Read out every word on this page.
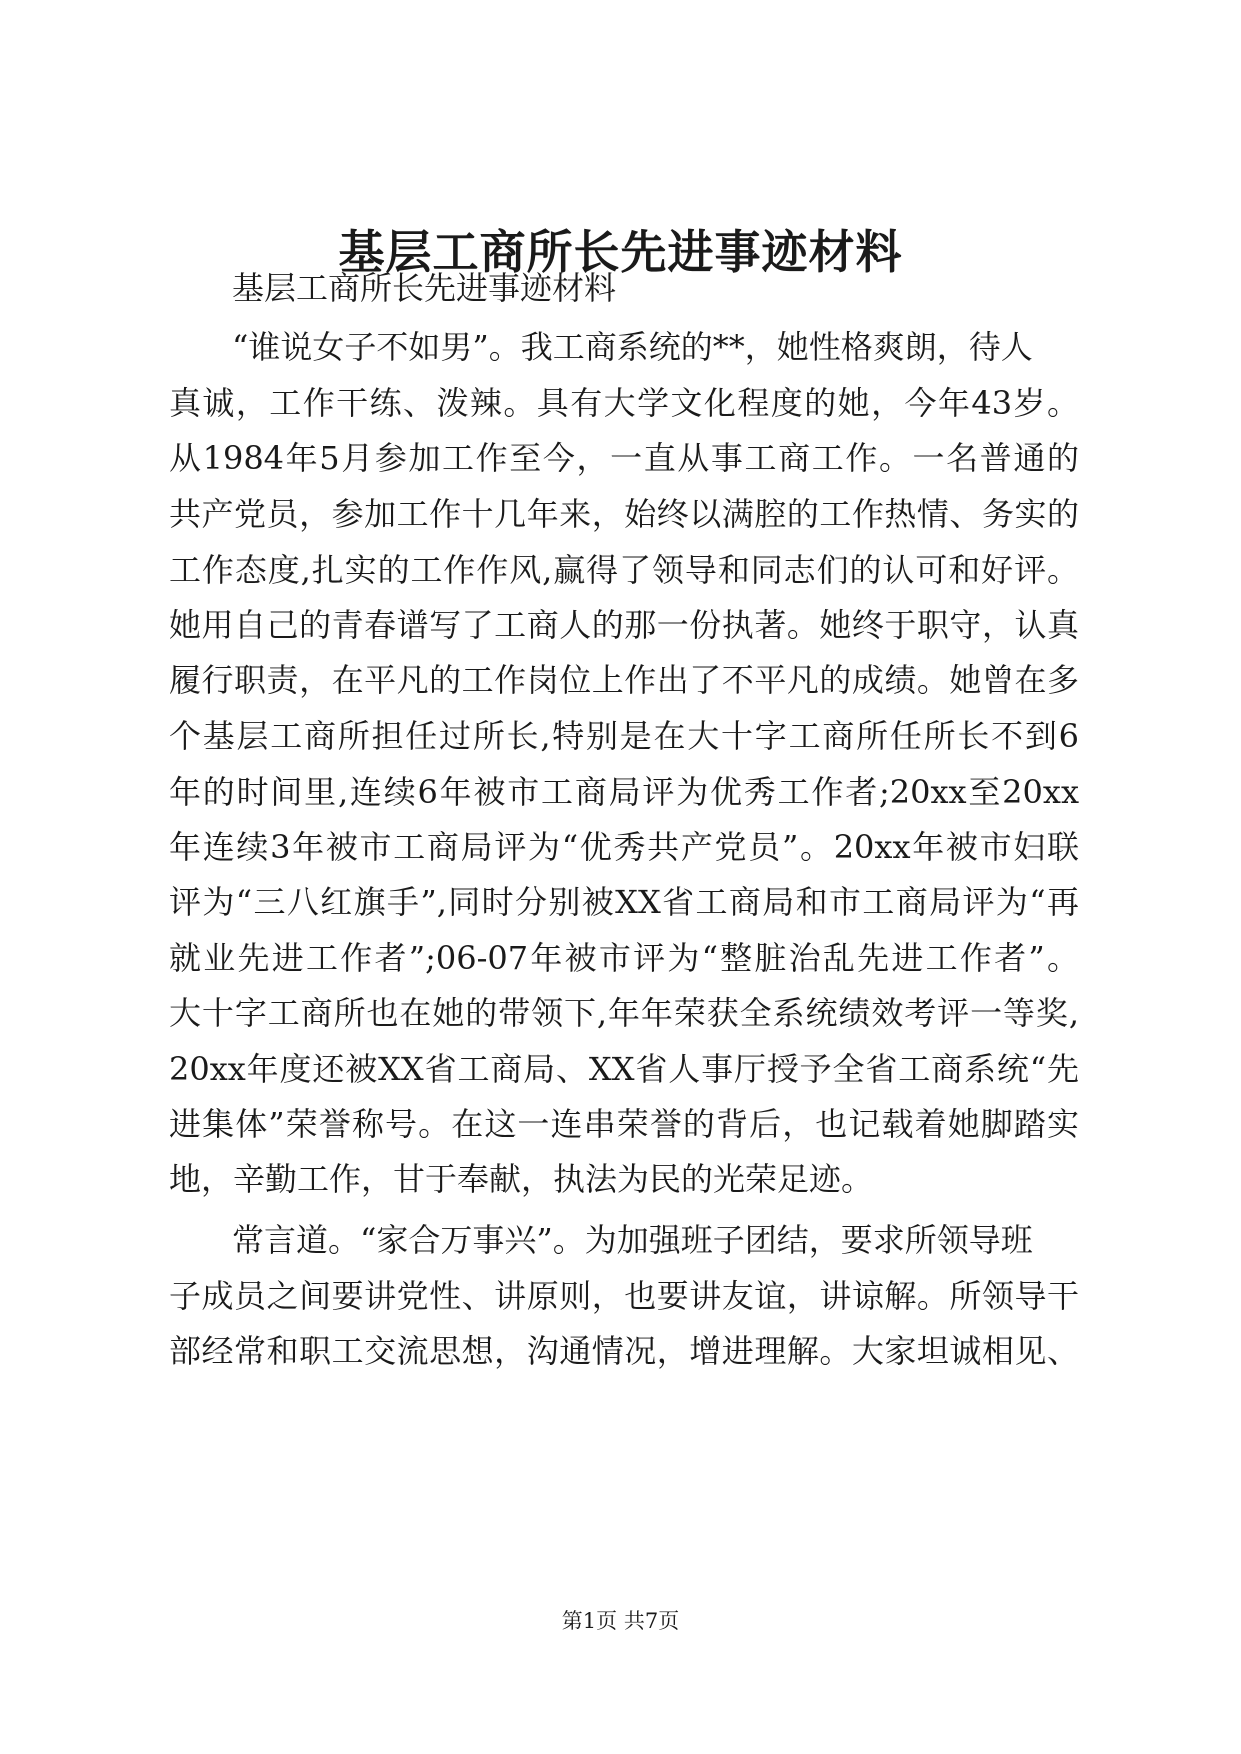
基层工商所长先进事迹材料

基层工商所长先进事迹材料

“谁说女子不如男”。我工商系统的**，她性格爽朗，待人

真诚，工作干练、泼辣。具有大学文化程度的她，今年43岁。

从1984年5月参加工作至今，一直从事工商工作。一名普通的

共产党员，参加工作十几年来，始终以满腔的工作热情、务实的

工作态度,扎实的工作作风,赢得了领导和同志们的认可和好评。

她用自己的青春谱写了工商人的那一份执著。她终于职守，认真

履行职责，在平凡的工作岗位上作出了不平凡的成绩。她曾在多

个基层工商所担任过所长,特别是在大十字工商所任所长不到6

年的时间里,连续6年被市工商局评为优秀工作者;20xx至20xx

年连续3年被市工商局评为“优秀共产党员”。20xx年被市妇联

评为“三八红旗手”,同时分别被XX省工商局和市工商局评为“再

就业先进工作者”;06-07年被市评为“整脏治乱先进工作者”。

大十字工商所也在她的带领下,年年荣获全系统绩效考评一等奖,

20xx年度还被XX省工商局、XX省人事厅授予全省工商系统“先

进集体”荣誉称号。在这一连串荣誉的背后，也记载着她脚踏实

地，辛勤工作，甘于奉献，执法为民的光荣足迹。

常言道。“家合万事兴”。为加强班子团结，要求所领导班

子成员之间要讲党性、讲原则，也要讲友谊，讲谅解。所领导干

部经常和职工交流思想，沟通情况，增进理解。大家坦诚相见、

第1页 共7页
